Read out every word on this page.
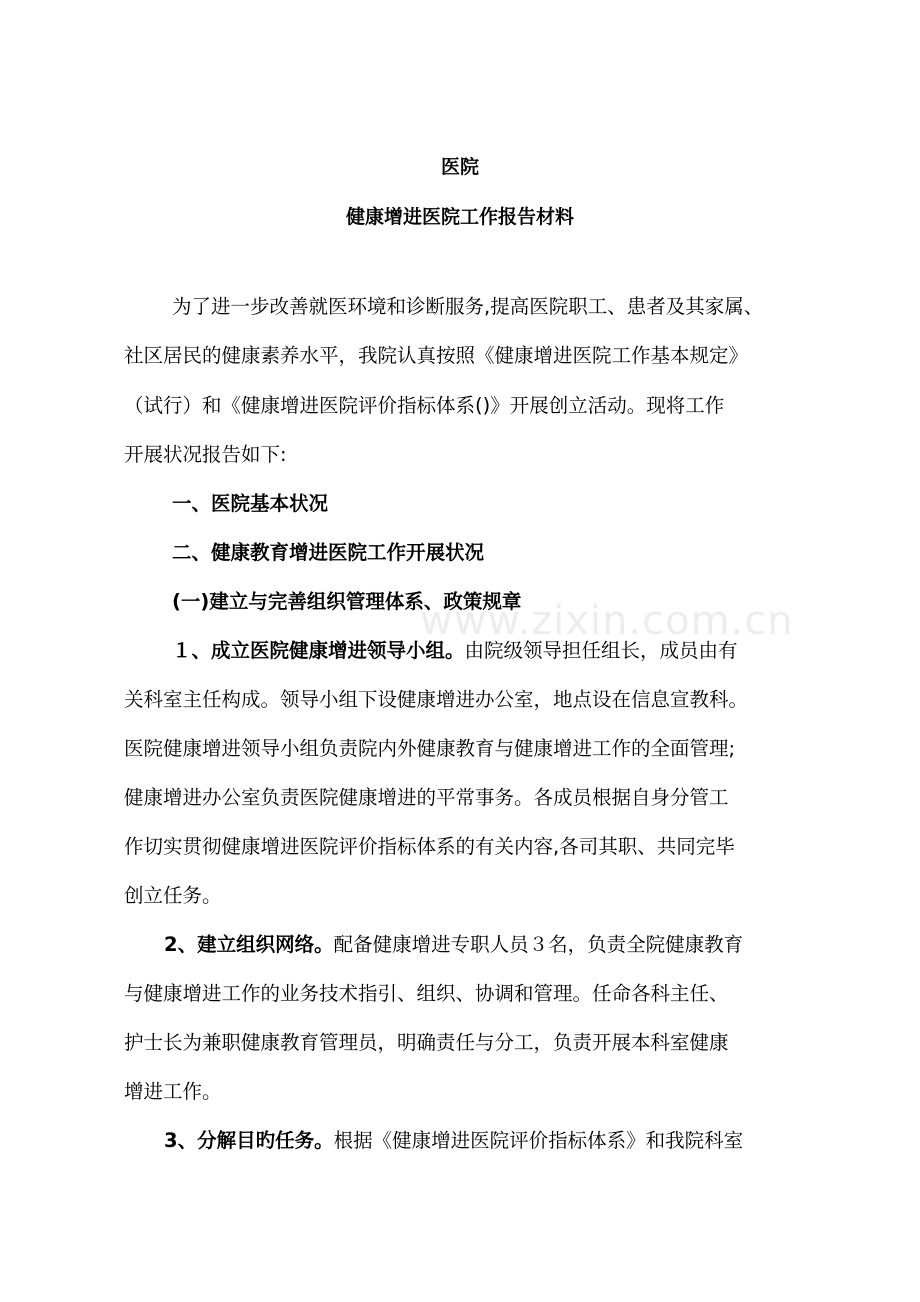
医院
健康增进医院工作报告材料
为了进一步改善就医环境和诊断服务,提高医院职工、患者及其家属、
社区居民的健康素养水平，我院认真按照《健康增进医院工作基本规定》
（试行）和《健康增进医院评价指标体系()》开展创立活动。现将工作
开展状况报告如下:
一、医院基本状况
二、健康教育增进医院工作开展状况
(一)建立与完善组织管理体系、政策规章
１、成立医院健康增进领导小组。由院级领导担任组长，成员由有
关科室主任构成。领导小组下设健康增进办公室，地点设在信息宣教科。
医院健康增进领导小组负责院内外健康教育与健康增进工作的全面管理;
健康增进办公室负责医院健康增进的平常事务。各成员根据自身分管工
作切实贯彻健康增进医院评价指标体系的有关内容,各司其职、共同完毕
创立任务。
2、建立组织网络。配备健康增进专职人员３名，负责全院健康教育
与健康增进工作的业务技术指引、组织、协调和管理。任命各科主任、
护士长为兼职健康教育管理员，明确责任与分工，负责开展本科室健康
增进工作。
3、分解目旳任务。根据《健康增进医院评价指标体系》和我院科室
www.zixin.com.cn
